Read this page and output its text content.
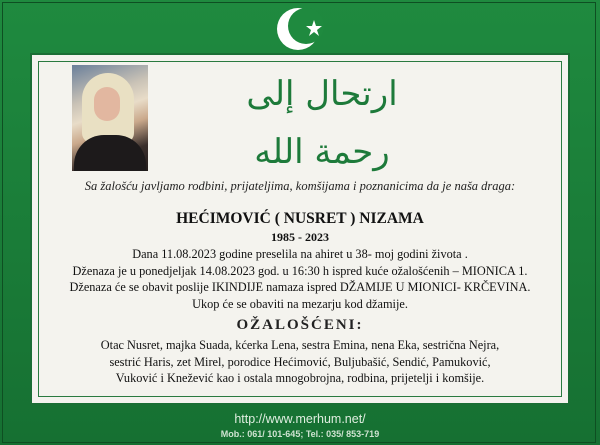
ارتحال إلى رحمة الله
Sa žalošću javljamo rodbini, prijateljima, komšijama i poznanicima da je naša draga:
HEĆIMOVIĆ ( NUSRET ) NIZAMA
1985 - 2023
Dana 11.08.2023 godine preselila na ahiret u 38- moj godini života .
Dženaza je u ponedjeljak 14.08.2023 god. u 16:30 h ispred kuće ožalošćenih – MIONICA 1.
Dženaza će se obavit poslije IKINDIJE namaza ispred DŽAMIJE U MIONICI- KRČEVINA.
Ukop će se obaviti na mezarju kod džamije.
OŽALOŠĆENI:
Otac Nusret, majka Suada, kćerka Lena, sestra Emina, nena Eka, sestrična Nejra,
sestrić Haris, zet Mirel, porodice Hećimović, Buljubašić, Sendić, Pamuković,
Vuković i Knežević kao i ostala mnogobrojna, rodbina, prijetelji i komšije.
http://www.merhum.net/
Mob.: 061/ 101-645; Tel.: 035/ 853-719
